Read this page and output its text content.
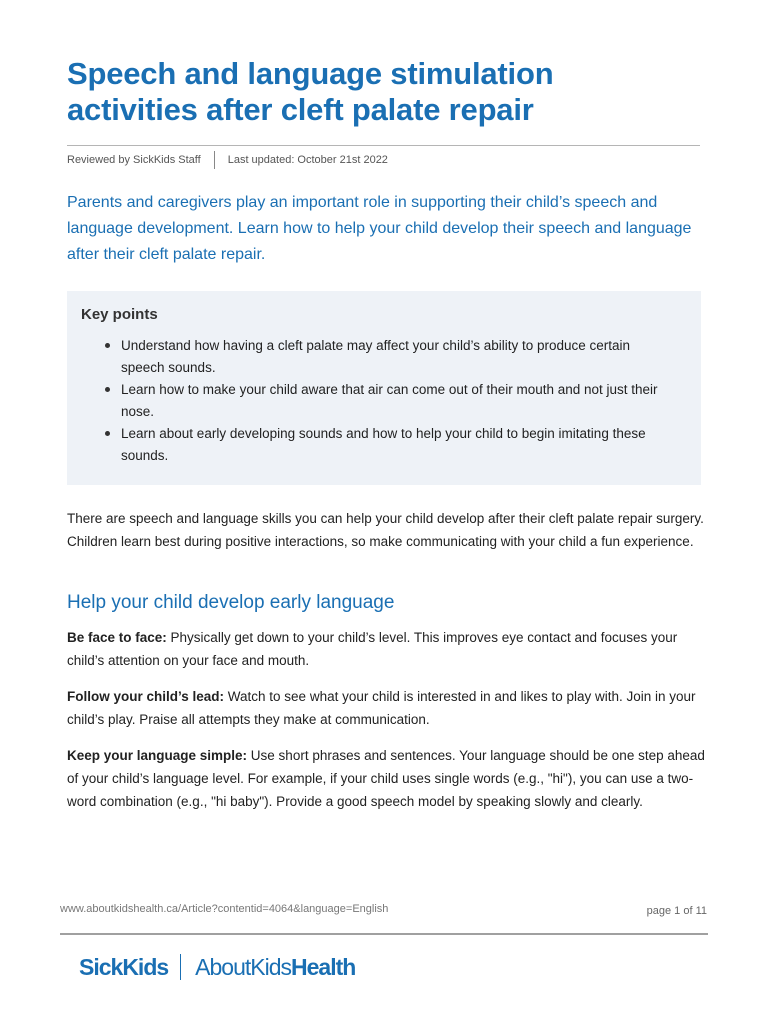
Speech and language stimulation activities after cleft palate repair
Reviewed by SickKids Staff Last updated: October 21st 2022

Parents and caregivers play an important role in supporting their child’s speech and language development. Learn how to help your child develop their speech and language after their cleft palate repair.

Key points
Understand how having a cleft palate may affect your child’s ability to produce certain speech sounds.
Learn how to make your child aware that air can come out of their mouth and not just their nose.
Learn about early developing sounds and how to help your child to begin imitating these sounds.

There are speech and language skills you can help your child develop after their cleft palate repair surgery. Children learn best during positive interactions, so make communicating with your child a fun experience.

Help your child develop early language

Be face to face: Physically get down to your child’s level. This improves eye contact and focuses your child’s attention on your face and mouth.

Follow your child’s lead: Watch to see what your child is interested in and likes to play with. Join in your child’s play. Praise all attempts they make at communication.

Keep your language simple: Use short phrases and sentences. Your language should be one step ahead of your child’s language level. For example, if your child uses single words (e.g., "hi"), you can use a two-word combination (e.g., "hi baby"). Provide a good speech model by speaking slowly and clearly.

www.aboutkidshealth.ca/Article?contentid=4064&language=English	page 1 of 11
SickKids AboutKids Health
